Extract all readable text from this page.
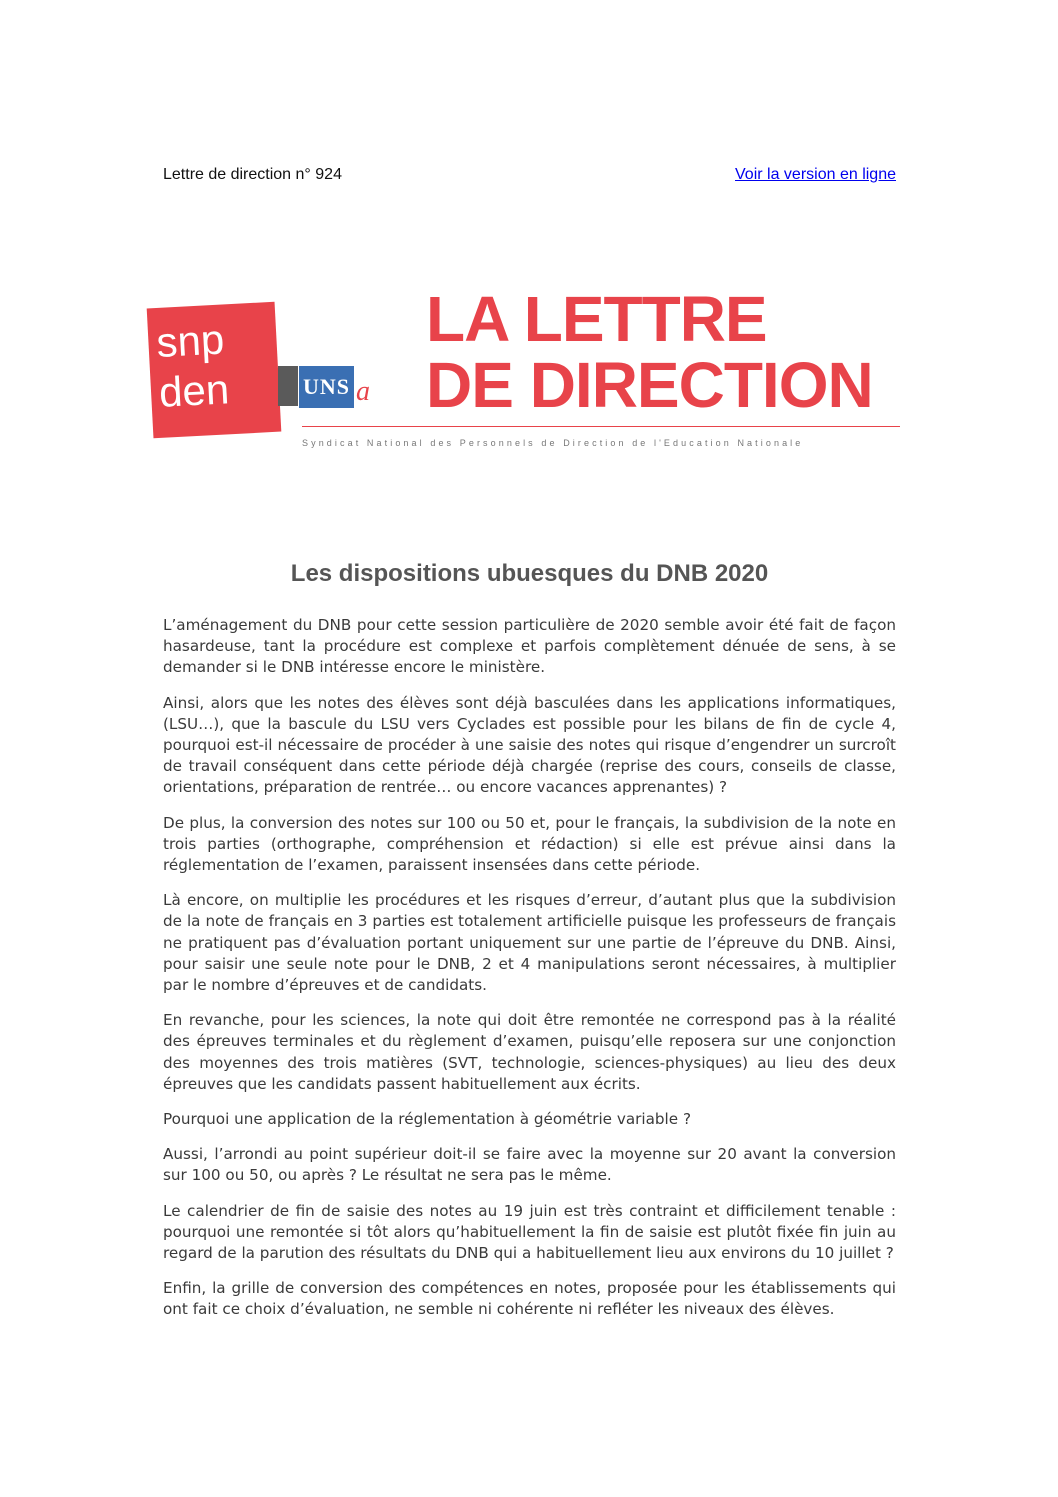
Lettre de direction n° 924	Voir la version en ligne
snp
den	UNS a
LA LETTRE
DE DIRECTION
Syndicat National des Personnels de Direction de l'Education Nationale
Les dispositions ubuesques du DNB 2020

L’aménagement du DNB pour cette session particulière de 2020 semble avoir été fait de façon hasardeuse, tant la procédure est complexe et parfois complètement dénuée de sens, à se demander si le DNB intéresse encore le ministère.

Ainsi, alors que les notes des élèves sont déjà basculées dans les applications informatiques, (LSU…), que la bascule du LSU vers Cyclades est possible pour les bilans de fin de cycle 4, pourquoi est-il nécessaire de procéder à une saisie des notes qui risque d’engendrer un surcroît de travail conséquent dans cette période déjà chargée (reprise des cours, conseils de classe, orientations, préparation de rentrée… ou encore vacances apprenantes) ?

De plus, la conversion des notes sur 100 ou 50 et, pour le français, la subdivision de la note en trois parties (orthographe, compréhension et rédaction) si elle est prévue ainsi dans la réglementation de l’examen, paraissent insensées dans cette période.

Là encore, on multiplie les procédures et les risques d’erreur, d’autant plus que la subdivision de la note de français en 3 parties est totalement artificielle puisque les professeurs de français ne pratiquent pas d’évaluation portant uniquement sur une partie de l’épreuve du DNB. Ainsi, pour saisir une seule note pour le DNB, 2 et 4 manipulations seront nécessaires, à multiplier par le nombre d’épreuves et de candidats.

En revanche, pour les sciences, la note qui doit être remontée ne correspond pas à la réalité des épreuves terminales et du règlement d’examen, puisqu’elle reposera sur une conjonction des moyennes des trois matières (SVT, technologie, sciences-physiques) au lieu des deux épreuves que les candidats passent habituellement aux écrits.

Pourquoi une application de la réglementation à géométrie variable ?

Aussi, l’arrondi au point supérieur doit-il se faire avec la moyenne sur 20 avant la conversion sur 100 ou 50, ou après ? Le résultat ne sera pas le même.

Le calendrier de fin de saisie des notes au 19 juin est très contraint et difficilement tenable : pourquoi une remontée si tôt alors qu’habituellement la fin de saisie est plutôt fixée fin juin au regard de la parution des résultats du DNB qui a habituellement lieu aux environs du 10 juillet ?

Enfin, la grille de conversion des compétences en notes, proposée pour les établissements qui ont fait ce choix d’évaluation, ne semble ni cohérente ni refléter les niveaux des élèves.
